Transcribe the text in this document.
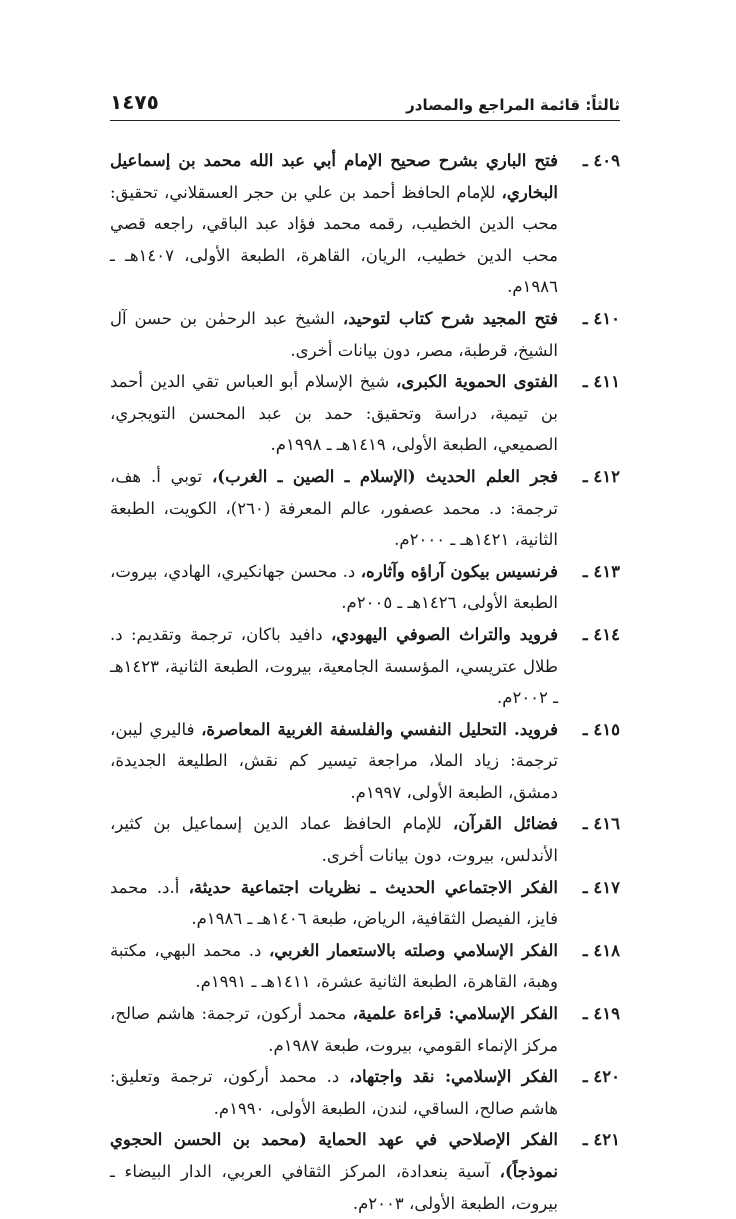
ثالثاً: قائمة المراجع والمصادر
١٤٧٥
٤٠٩ ـ
فتح الباري بشرح صحيح الإمام أبي عبد الله محمد بن إسماعيل البخاري، للإمام الحافظ أحمد بن علي بن حجر العسقلاني، تحقيق: محب الدين الخطيب، رقمه محمد فؤاد عبد الباقي، راجعه قصي محب الدين خطيب، الريان، القاهرة، الطبعة الأولى، ١٤٠٧هـ ـ ١٩٨٦م.
٤١٠ ـ
فتح المجيد شرح كتاب لتوحيد، الشيخ عبد الرحمٰن بن حسن آل الشيخ، قرطبة، مصر، دون بيانات أخرى.
٤١١ ـ
الفتوى الحموية الكبرى، شيخ الإسلام أبو العباس تقي الدين أحمد بن تيمية، دراسة وتحقيق: حمد بن عبد المحسن التويجري، الصميعي، الطبعة الأولى، ١٤١٩هـ ـ ١٩٩٨م.
٤١٢ ـ
فجر العلم الحديث (الإسلام ـ الصين ـ الغرب)، توبي أ. هف، ترجمة: د. محمد عصفور، عالم المعرفة (٢٦٠)، الكويت، الطبعة الثانية، ١٤٢١هـ ـ ٢٠٠٠م.
٤١٣ ـ
فرنسيس بيكون آراؤه وآثاره، د. محسن جهانكيري، الهادي، بيروت، الطبعة الأولى، ١٤٢٦هـ ـ ٢٠٠٥م.
٤١٤ ـ
فرويد والتراث الصوفي اليهودي، دافيد باكان، ترجمة وتقديم: د. طلال عتريسي، المؤسسة الجامعية، بيروت، الطبعة الثانية، ١٤٢٣هـ ـ ٢٠٠٢م.
٤١٥ ـ
فرويد. التحليل النفسي والفلسفة الغربية المعاصرة، فاليري ليبن، ترجمة: زياد الملا، مراجعة تيسير كم نقش، الطليعة الجديدة، دمشق، الطبعة الأولى، ١٩٩٧م.
٤١٦ ـ
فضائل القرآن، للإمام الحافظ عماد الدين إسماعيل بن كثير، الأندلس، بيروت، دون بيانات أخرى.
٤١٧ ـ
الفكر الاجتماعي الحديث ـ نظريات اجتماعية حديثة، أ.د. محمد فايز، الفيصل الثقافية، الرياض، طبعة ١٤٠٦هـ ـ ١٩٨٦م.
٤١٨ ـ
الفكر الإسلامي وصلته بالاستعمار الغربي، د. محمد البهي، مكتبة وهبة، القاهرة، الطبعة الثانية عشرة، ١٤١١هـ ـ ١٩٩١م.
٤١٩ ـ
الفكر الإسلامي: قراءة علمية، محمد أركون، ترجمة: هاشم صالح، مركز الإنماء القومي، بيروت، طبعة ١٩٨٧م.
٤٢٠ ـ
الفكر الإسلامي: نقد واجتهاد، د. محمد أركون، ترجمة وتعليق: هاشم صالح، الساقي، لندن، الطبعة الأولى، ١٩٩٠م.
٤٢١ ـ
الفكر الإصلاحي في عهد الحماية (محمد بن الحسن الحجوي نموذجاً)، آسية بنعدادة، المركز الثقافي العربي، الدار البيضاء ـ بيروت، الطبعة الأولى، ٢٠٠٣م.
